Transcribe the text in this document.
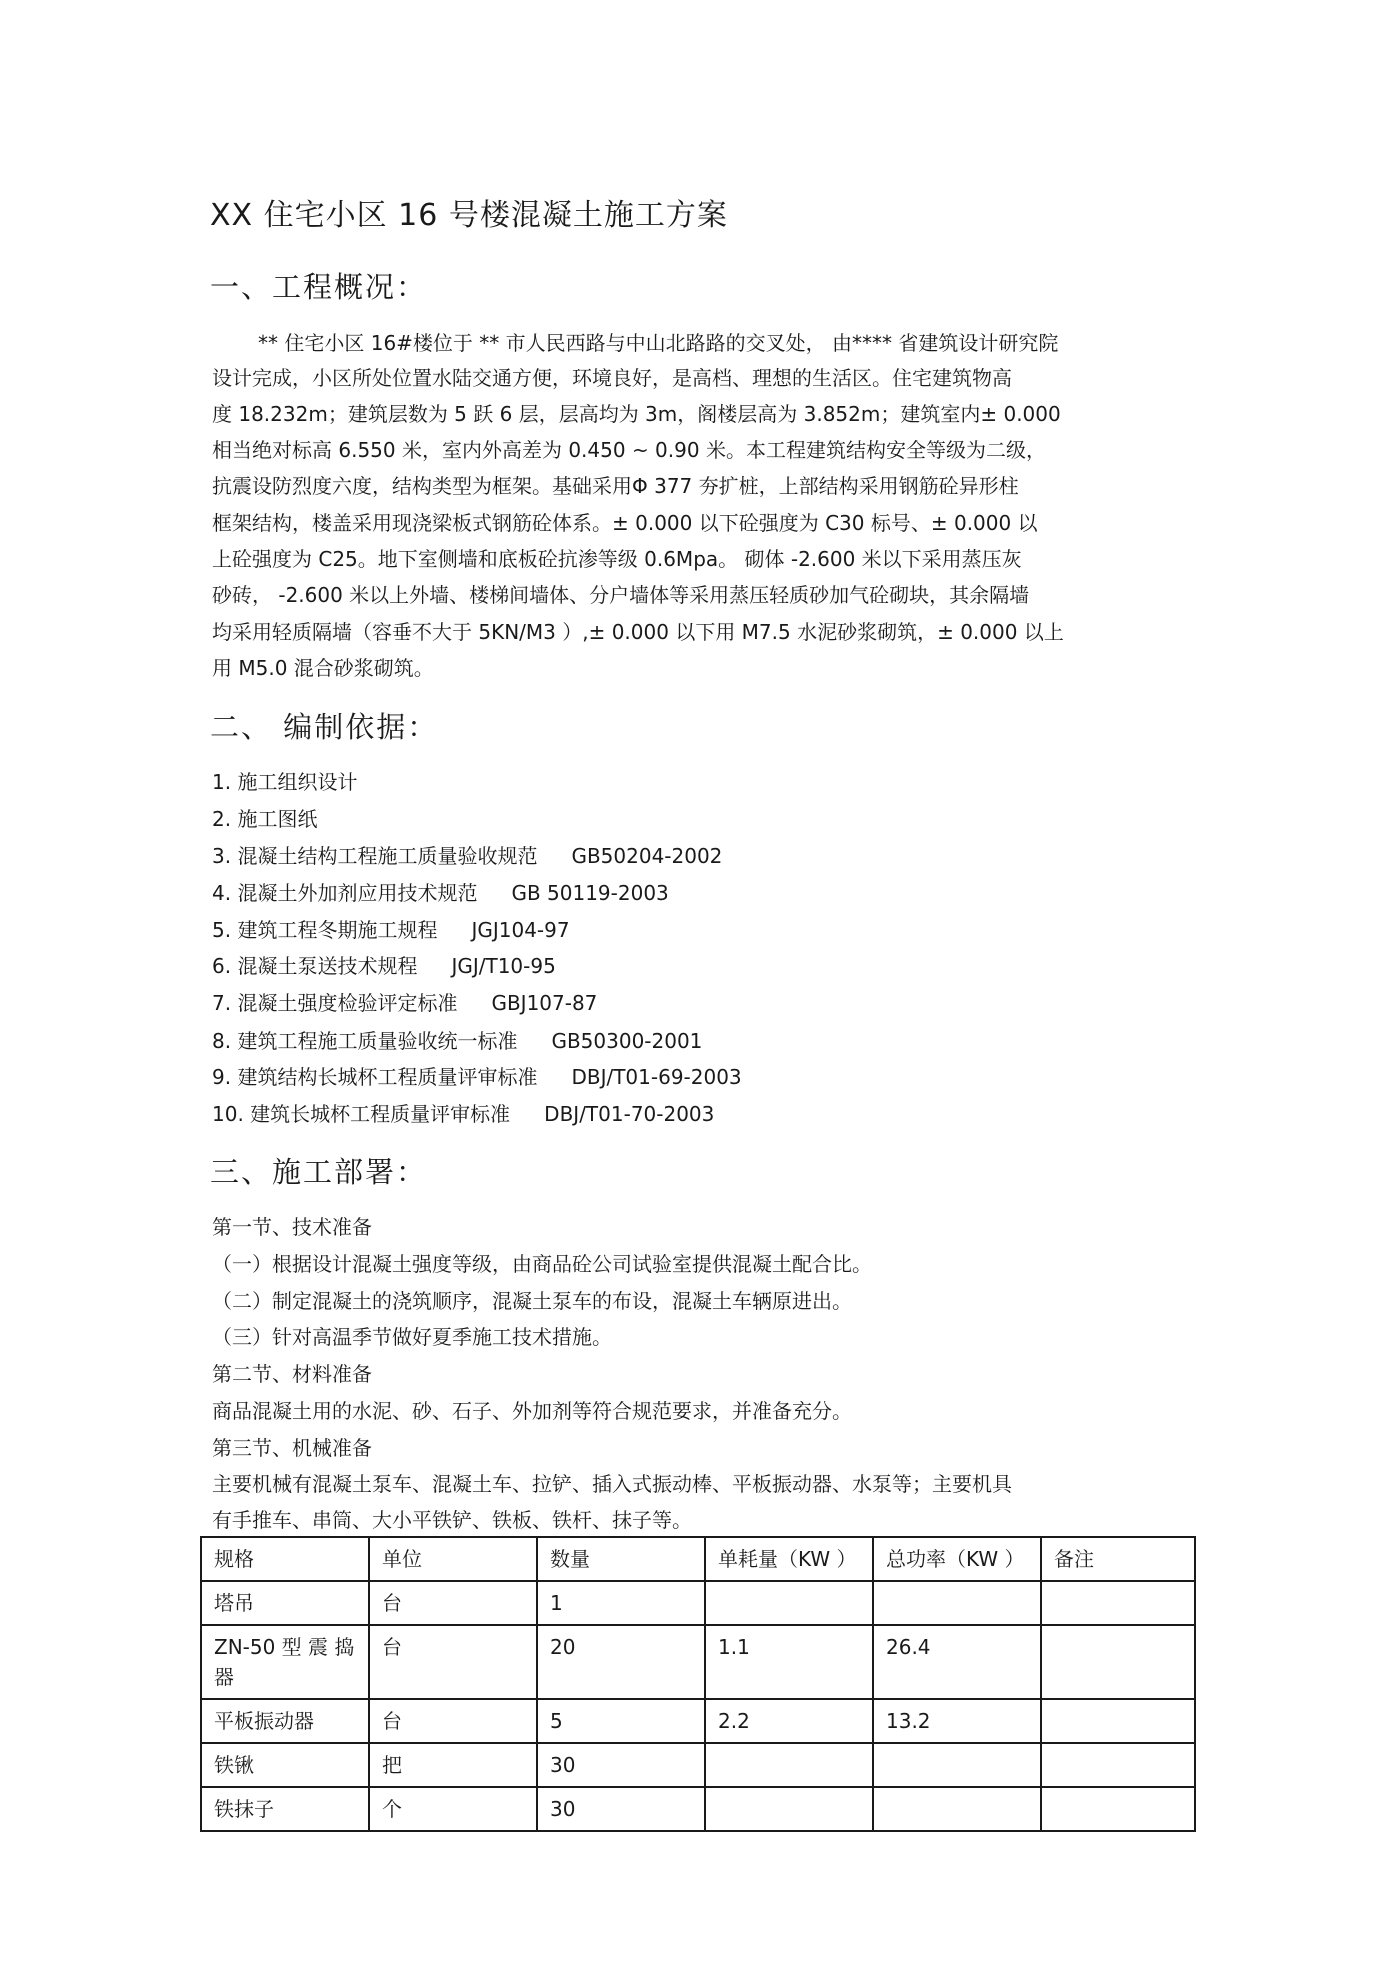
XX 住宅小区 16 号楼混凝土施工方案
一、工程概况：
** 住宅小区 16#楼位于 ** 市人民西路与中山北路路的交叉处， 由**** 省建筑设计研究院
设计完成，小区所处位置水陆交通方便，环境良好，是高档、理想的生活区。住宅建筑物高
度 18.232m；建筑层数为 5 跃 6 层，层高均为 3m，阁楼层高为 3.852m；建筑室内± 0.000
相当绝对标高 6.550 米，室内外高差为 0.450 ~ 0.90 米。本工程建筑结构安全等级为二级，
抗震设防烈度六度，结构类型为框架。基础采用Φ 377 夯扩桩，上部结构采用钢筋砼异形柱
框架结构，楼盖采用现浇梁板式钢筋砼体系。± 0.000 以下砼强度为 C30 标号、± 0.000 以
上砼强度为 C25。地下室侧墙和底板砼抗渗等级 0.6Mpa。 砌体 -2.600 米以下采用蒸压灰
砂砖， -2.600 米以上外墙、楼梯间墙体、分户墙体等采用蒸压轻质砂加气砼砌块，其余隔墙
均采用轻质隔墙（容垂不大于 5KN/M3 ）,± 0.000 以下用 M7.5 水泥砂浆砌筑，± 0.000 以上
用 M5.0 混合砂浆砌筑。
二、 编制依据：
1. 施工组织设计
2. 施工图纸
3. 混凝土结构工程施工质量验收规范 GB50204-2002
4. 混凝土外加剂应用技术规范 GB 50119-2003
5. 建筑工程冬期施工规程 JGJ104-97
6. 混凝土泵送技术规程 JGJ/T10-95
7. 混凝土强度检验评定标准 GBJ107-87
8. 建筑工程施工质量验收统一标准 GB50300-2001
9. 建筑结构长城杯工程质量评审标准 DBJ/T01-69-2003
10. 建筑长城杯工程质量评审标准 DBJ/T01-70-2003
三、施工部署：
第一节、技术准备
（一）根据设计混凝土强度等级，由商品砼公司试验室提供混凝土配合比。
（二）制定混凝土的浇筑顺序，混凝土泵车的布设，混凝土车辆原进出。
（三）针对高温季节做好夏季施工技术措施。
第二节、材料准备
商品混凝土用的水泥、砂、石子、外加剂等符合规范要求，并准备充分。
第三节、机械准备
主要机械有混凝土泵车、混凝土车、拉铲、插入式振动棒、平板振动器、水泵等；主要机具
有手推车、串筒、大小平铁铲、铁板、铁杆、抹子等。
规格	单位	数量	单耗量（KW ）	总功率（KW ）	备注
塔吊	台	1			
ZN-50 型 震 捣器	台	20	1.1	26.4	
平板振动器	台	5	2.2	13.2	
铁锹	把	30			
铁抹子	个	30			
